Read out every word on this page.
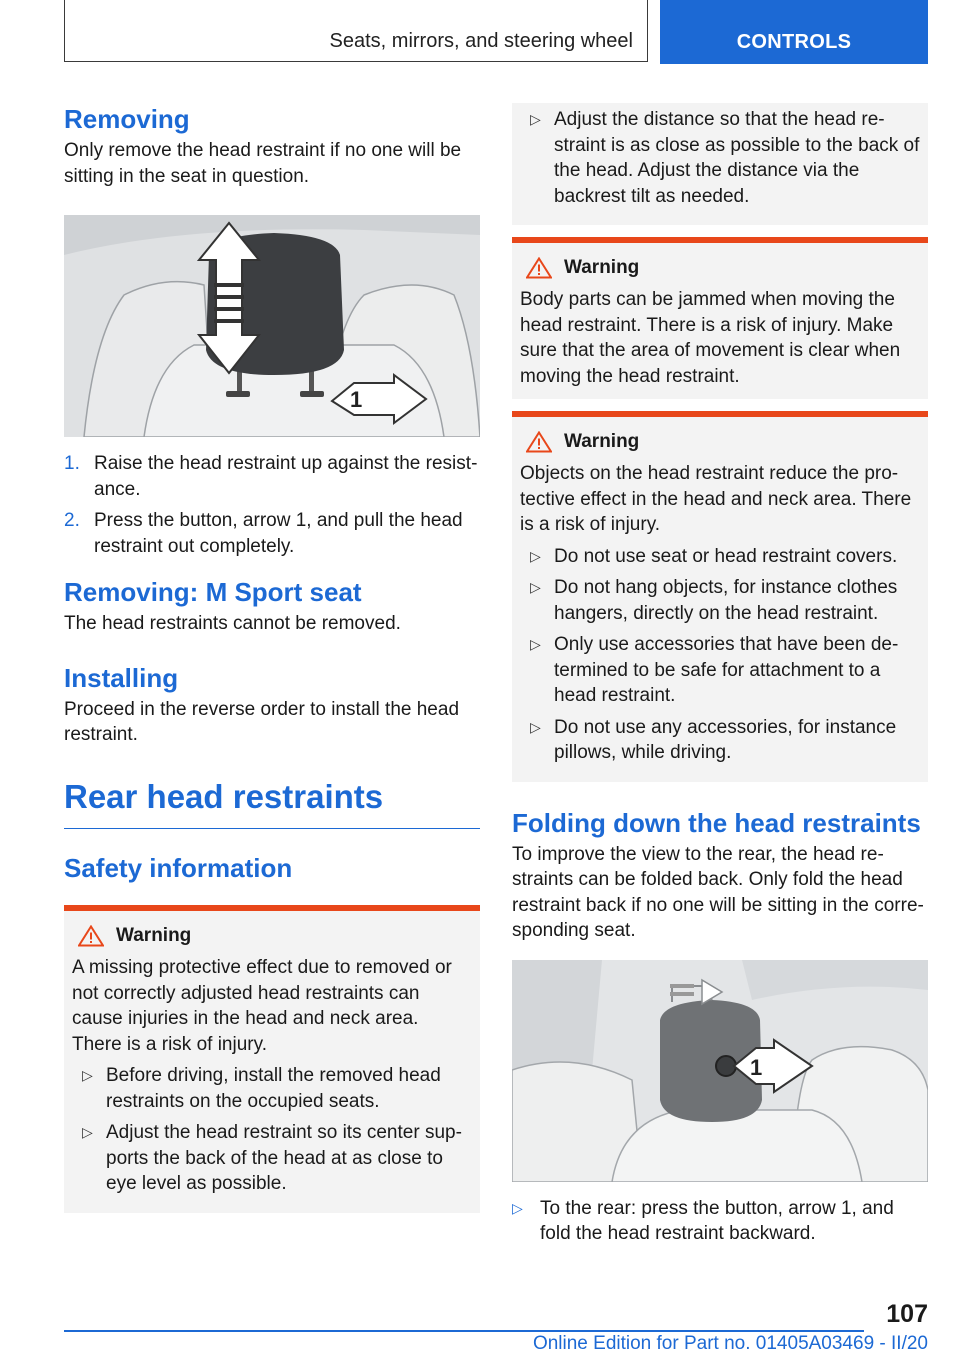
Seats, mirrors, and steering wheel	CONTROLS
Removing

Only remove the head restraint if no one will be sitting in the seat in question.

1
1. Raise the head restraint up against the resistance.
2. Press the button, arrow 1, and pull the head restraint out completely.
Removing: M Sport seat

The head restraints cannot be removed.

Installing

Proceed in the reverse order to install the head restraint.

Rear head restraints
Safety information
Warning

A missing protective effect due to removed or not correctly adjusted head restraints can cause injuries in the head and neck area. There is a risk of injury.

▷ Before driving, install the removed head restraints on the occupied seats.
▷ Adjust the head restraint so its center supports the back of the head at as close to eye level as possible.
▷ Adjust the distance so that the head restraint is as close as possible to the back of the head. Adjust the distance via the backrest tilt as needed.
Warning

Body parts can be jammed when moving the head restraint. There is a risk of injury. Make sure that the area of movement is clear when moving the head restraint.

Warning

Objects on the head restraint reduce the protective effect in the head and neck area. There is a risk of injury.

▷ Do not use seat or head restraint covers.
▷ Do not hang objects, for instance clothes hangers, directly on the head restraint.
▷ Only use accessories that have been determined to be safe for attachment to a head restraint.
▷ Do not use any accessories, for instance pillows, while driving.
Folding down the head restraints

To improve the view to the rear, the head restraints can be folded back. Only fold the head restraint back if no one will be sitting in the corresponding seat.

1
▷ To the rear: press the button, arrow 1, and fold the head restraint backward.
107
Online Edition for Part no. 01405A03469 - II/20
